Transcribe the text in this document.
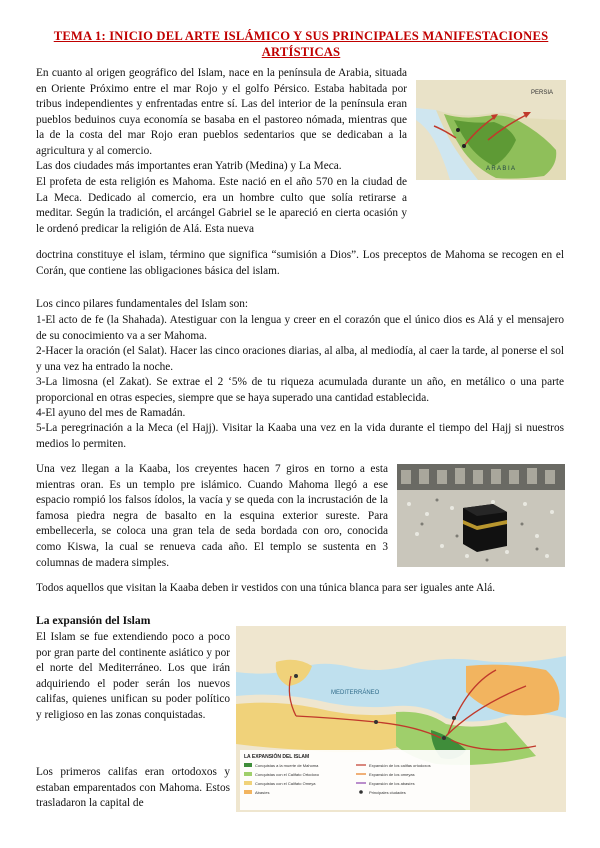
TEMA 1: INICIO DEL ARTE ISLÁMICO Y SUS PRINCIPALES MANIFESTACIONES ARTÍSTICAS

En cuanto al origen geográfico del Islam, nace en la península de Arabia, situada en Oriente Próximo entre el mar Rojo y el golfo Pérsico. Estaba habitada por tribus independientes y enfrentadas entre sí. Las del interior de la península eran pueblos beduinos cuya economía se basaba en el pastoreo nómada, mientras que la de la costa del mar Rojo eran pueblos sedentarios que se dedicaban a la agricultura y al comercio.

Las dos ciudades más importantes eran Yatrib (Medina) y La Meca.

El profeta de esta religión es Mahoma. Este nació en el año 570 en la ciudad de La Meca. Dedicado al comercio, era un hombre culto que solía retirarse a meditar. Según la tradición, el arcángel Gabriel se le apareció en cierta ocasión y le ordenó predicar la religión de Alá. Esta nueva

doctrina constituye el islam, término que significa “sumisión a Dios”. Los preceptos de Mahoma se recogen en el Corán, que contiene las obligaciones básica del islam.

PERSIA
A R A B I A

Los cinco pilares fundamentales del Islam son:

1-El acto de fe (la Shahada). Atestiguar con la lengua y creer en el corazón que el único dios es Alá y el mensajero de su conocimiento va a ser Mahoma.

2-Hacer la oración (el Salat). Hacer las cinco oraciones diarias, al alba, al mediodía, al caer la tarde, al ponerse el sol y una vez ha entrado la noche.

3-La limosna (el Zakat). Se extrae el 2 ‘5% de tu riqueza acumulada durante un año, en metálico o una parte proporcional en otras especies, siempre que se haya superado una cantidad establecida.

4-El ayuno del mes de Ramadán.

5-La peregrinación a la Meca (el Hajj). Visitar la Kaaba una vez en la vida durante el tiempo del Hajj si nuestros medios lo permiten.

Una vez llegan a la Kaaba, los creyentes hacen 7 giros en torno a esta mientras oran. Es un templo pre islámico. Cuando Mahoma llegó a ese espacio rompió los falsos ídolos, la vacía y se queda con la incrustación de la famosa piedra negra de basalto en la esquina exterior sureste. Para embellecerla, se coloca una gran tela de seda bordada con oro, conocida como Kiswa, la cual se renueva cada año. El templo se sustenta en 3 columnas de madera simples.

Todos aquellos que visitan la Kaaba deben ir vestidos con una túnica blanca para ser iguales ante Alá.

La expansión del Islam

El Islam se fue extendiendo poco a poco por gran parte del continente asiático y por el norte del Mediterráneo. Los que irán adquiriendo el poder serán los nuevos califas, quienes unifican su poder político y religioso en las zonas conquistadas.

Los primeros califas eran ortodoxos y estaban emparentados con Mahoma. Estos trasladaron la capital de

MEDITERRÁNEO
LA EXPANSIÓN DEL ISLAM
Conquistas a la muerte de Mahoma
Conquistas con el Califato Ortodoxo
Conquistas con el Califato Omeya
Abasíes
Expansión de los califas ortodoxos
Expansión de los omeyas
Expansión de los abasíes
Principales ciudades
